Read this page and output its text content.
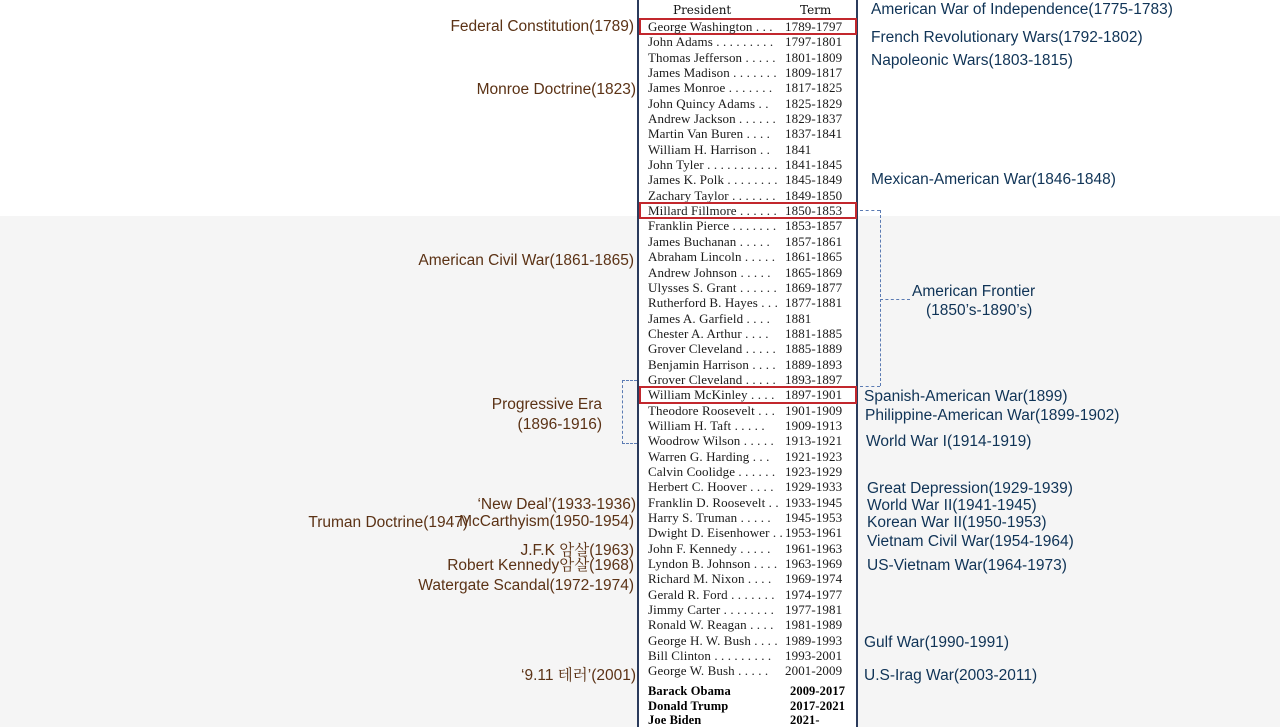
President	Term
George Washington . . . 1789-1797
John Adams . . . . . . . . . 1797-1801
Thomas Jefferson . . . . . 1801-1809
James Madison . . . . . . . 1809-1817
James Monroe . . . . . . . 1817-1825
John Quincy Adams . . 1825-1829
Andrew Jackson . . . . . . 1829-1837
Martin Van Buren . . . . 1837-1841
William H. Harrison . . 1841
John Tyler . . . . . . . . . . . 1841-1845
James K. Polk . . . . . . . . 1845-1849
Zachary Taylor . . . . . . . 1849-1850
Millard Fillmore . . . . . . 1850-1853
Franklin Pierce . . . . . . . 1853-1857
James Buchanan . . . . . 1857-1861
Abraham Lincoln . . . . . 1861-1865
Andrew Johnson . . . . . 1865-1869
Ulysses S. Grant . . . . . . 1869-1877
Rutherford B. Hayes . . . 1877-1881
James A. Garfield . . . . 1881
Chester A. Arthur . . . . 1881-1885
Grover Cleveland . . . . . 1885-1889
Benjamin Harrison . . . . 1889-1893
Grover Cleveland . . . . . 1893-1897
William McKinley . . . . 1897-1901
Theodore Roosevelt . . . 1901-1909
William H. Taft . . . . . 1909-1913
Woodrow Wilson . . . . . 1913-1921
Warren G. Harding . . . 1921-1923
Calvin Coolidge . . . . . . 1923-1929
Herbert C. Hoover . . . . 1929-1933
Franklin D. Roosevelt . . 1933-1945
Harry S. Truman . . . . . 1945-1953
Dwight D. Eisenhower . . 1953-1961
John F. Kennedy . . . . . 1961-1963
Lyndon B. Johnson . . . . 1963-1969
Richard M. Nixon . . . . 1969-1974
Gerald R. Ford . . . . . . . 1974-1977
Jimmy Carter . . . . . . . . 1977-1981
Ronald W. Reagan . . . . 1981-1989
George H. W. Bush . . . . 1989-1993
Bill Clinton . . . . . . . . . 1993-2001
George W. Bush . . . . . 2001-2009
Barack Obama	2009-2017
Donald Trump	2017-2021
Joe Biden	2021-
Federal Constitution(1789)
Monroe Doctrine(1823)
American Civil War(1861-1865)
Progressive Era
(1896-1916)
‘New Deal’(1933-1936)
Truman Doctrine(1947)
McCarthyism(1950-1954)
J.F.K 암살(1963)
Robert Kennedy암살(1968)
Watergate Scandal(1972-1974)
‘9.11 테러’(2001)
American War of Independence(1775-1783)
French Revolutionary Wars(1792-1802)
Napoleonic Wars(1803-1815)
Mexican-American War(1846-1848)
American Frontier
(1850’s-1890’s)
Spanish-American War(1899)
Philippine-American War(1899-1902)
World War I(1914-1919)
Great Depression(1929-1939)
World War II(1941-1945)
Korean War II(1950-1953)
Vietnam Civil War(1954-1964)
US-Vietnam War(1964-1973)
Gulf War(1990-1991)
U.S-Irag War(2003-2011)
